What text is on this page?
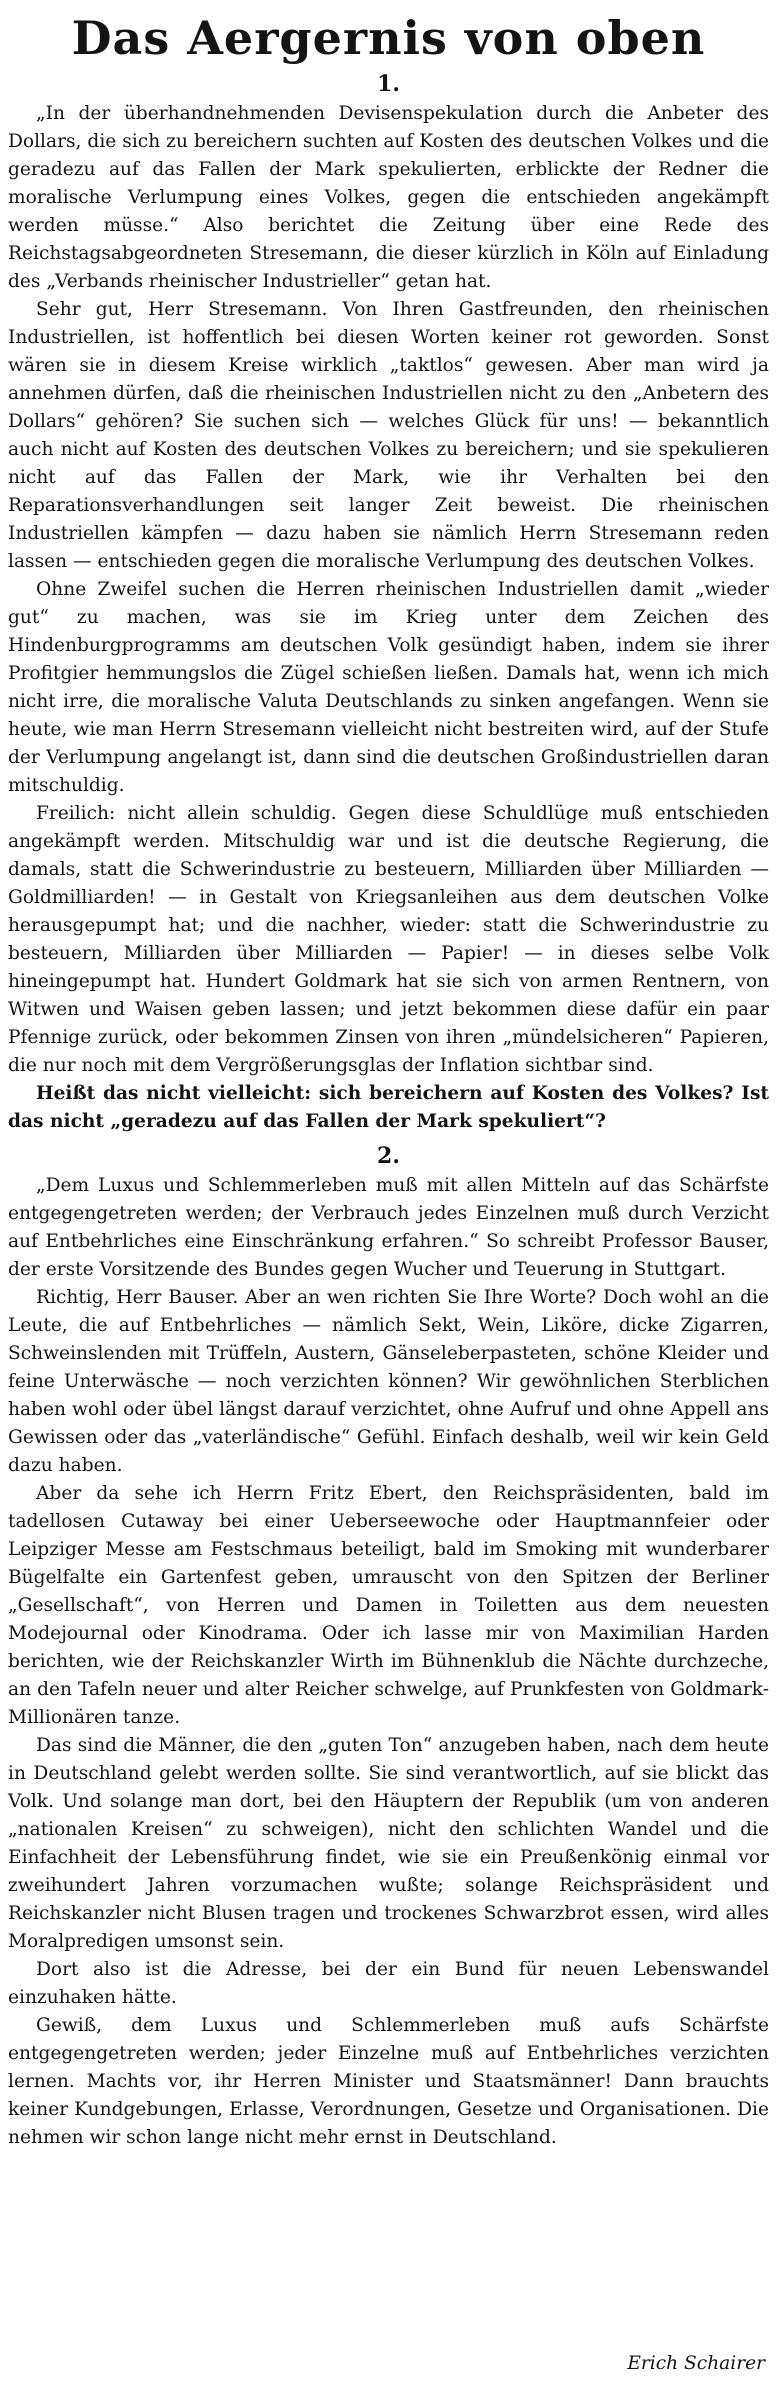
Das Aergernis von oben
1.

„In der überhandnehmenden Devisenspekulation durch die Anbeter des Dollars, die sich zu bereichern suchten auf Kosten des deutschen Volkes und die geradezu auf das Fallen der Mark spekulierten, erblickte der Redner die moralische Verlumpung eines Volkes, gegen die entschieden angekämpft werden müsse.“ Also berichtet die Zeitung über eine Rede des Reichstagsabgeordneten Stresemann, die dieser kürzlich in Köln auf Einladung des „Verbands rheinischer Industrieller“ getan hat.

Sehr gut, Herr Stresemann. Von Ihren Gastfreunden, den rheinischen Industriellen, ist hoffentlich bei diesen Worten keiner rot geworden. Sonst wären sie in diesem Kreise wirklich „taktlos“ gewesen. Aber man wird ja annehmen dürfen, daß die rheinischen Industriellen nicht zu den „Anbetern des Dollars“ gehören? Sie suchen sich — welches Glück für uns! — bekanntlich auch nicht auf Kosten des deutschen Volkes zu bereichern; und sie spekulieren nicht auf das Fallen der Mark, wie ihr Verhalten bei den Reparationsverhandlungen seit langer Zeit beweist. Die rheinischen Industriellen kämpfen — dazu haben sie nämlich Herrn Stresemann reden lassen — entschieden gegen die moralische Verlumpung des deutschen Volkes.

Ohne Zweifel suchen die Herren rheinischen Industriellen damit „wieder gut“ zu machen, was sie im Krieg unter dem Zeichen des Hindenburgprogramms am deutschen Volk gesündigt haben, indem sie ihrer Profitgier hemmungslos die Zügel schießen ließen. Damals hat, wenn ich mich nicht irre, die moralische Valuta Deutschlands zu sinken angefangen. Wenn sie heute, wie man Herrn Stresemann vielleicht nicht bestreiten wird, auf der Stufe der Verlumpung angelangt ist, dann sind die deutschen Großindustriellen daran mitschuldig.

Freilich: nicht allein schuldig. Gegen diese Schuldlüge muß entschieden angekämpft werden. Mitschuldig war und ist die deutsche Regierung, die damals, statt die Schwerindustrie zu besteuern, Milliarden über Milliarden — Goldmilliarden! — in Gestalt von Kriegsanleihen aus dem deutschen Volke herausgepumpt hat; und die nachher, wieder: statt die Schwerindustrie zu besteuern, Milliarden über Milliarden — Papier! — in dieses selbe Volk hineingepumpt hat. Hundert Goldmark hat sie sich von armen Rentnern, von Witwen und Waisen geben lassen; und jetzt bekommen diese dafür ein paar Pfennige zurück, oder bekommen Zinsen von ihren „mündelsicheren“ Papieren, die nur noch mit dem Vergrößerungsglas der Inflation sichtbar sind.

Heißt das nicht vielleicht: sich bereichern auf Kosten des Volkes? Ist das nicht „geradezu auf das Fallen der Mark spekuliert“?

2.

„Dem Luxus und Schlemmerleben muß mit allen Mitteln auf das Schärfste entgegengetreten werden; der Verbrauch jedes Einzelnen muß durch Verzicht auf Entbehrliches eine Einschränkung erfahren.“ So schreibt Professor Bauser, der erste Vorsitzende des Bundes gegen Wucher und Teuerung in Stuttgart.

Richtig, Herr Bauser. Aber an wen richten Sie Ihre Worte? Doch wohl an die Leute, die auf Entbehrliches — nämlich Sekt, Wein, Liköre, dicke Zigarren, Schweinslenden mit Trüffeln, Austern, Gänseleberpasteten, schöne Kleider und feine Unterwäsche — noch verzichten können? Wir gewöhnlichen Sterblichen haben wohl oder übel längst darauf verzichtet, ohne Aufruf und ohne Appell ans Gewissen oder das „vaterländische“ Gefühl. Einfach deshalb, weil wir kein Geld dazu haben.

Aber da sehe ich Herrn Fritz Ebert, den Reichspräsidenten, bald im tadellosen Cutaway bei einer Ueberseewoche oder Hauptmannfeier oder Leipziger Messe am Festschmaus beteiligt, bald im Smoking mit wunderbarer Bügelfalte ein Gartenfest geben, umrauscht von den Spitzen der Berliner „Gesellschaft“, von Herren und Damen in Toiletten aus dem neuesten Modejournal oder Kinodrama. Oder ich lasse mir von Maximilian Harden berichten, wie der Reichskanzler Wirth im Bühnenklub die Nächte durchzeche, an den Tafeln neuer und alter Reicher schwelge, auf Prunkfesten von Goldmark-Millionären tanze.

Das sind die Männer, die den „guten Ton“ anzugeben haben, nach dem heute in Deutschland gelebt werden sollte. Sie sind verantwortlich, auf sie blickt das Volk. Und solange man dort, bei den Häuptern der Republik (um von anderen „nationalen Kreisen“ zu schweigen), nicht den schlichten Wandel und die Einfachheit der Lebensführung findet, wie sie ein Preußenkönig einmal vor zweihundert Jahren vorzumachen wußte; solange Reichspräsident und Reichskanzler nicht Blusen tragen und trockenes Schwarzbrot essen, wird alles Moralpredigen umsonst sein.

Dort also ist die Adresse, bei der ein Bund für neuen Lebenswandel einzuhaken hätte.

Gewiß, dem Luxus und Schlemmerleben muß aufs Schärfste entgegengetreten werden; jeder Einzelne muß auf Entbehrliches verzichten lernen. Machts vor, ihr Herren Minister und Staatsmänner! Dann brauchts keiner Kundgebungen, Erlasse, Verordnungen, Gesetze und Organisationen. Die nehmen wir schon lange nicht mehr ernst in Deutschland.

Erich Schairer
